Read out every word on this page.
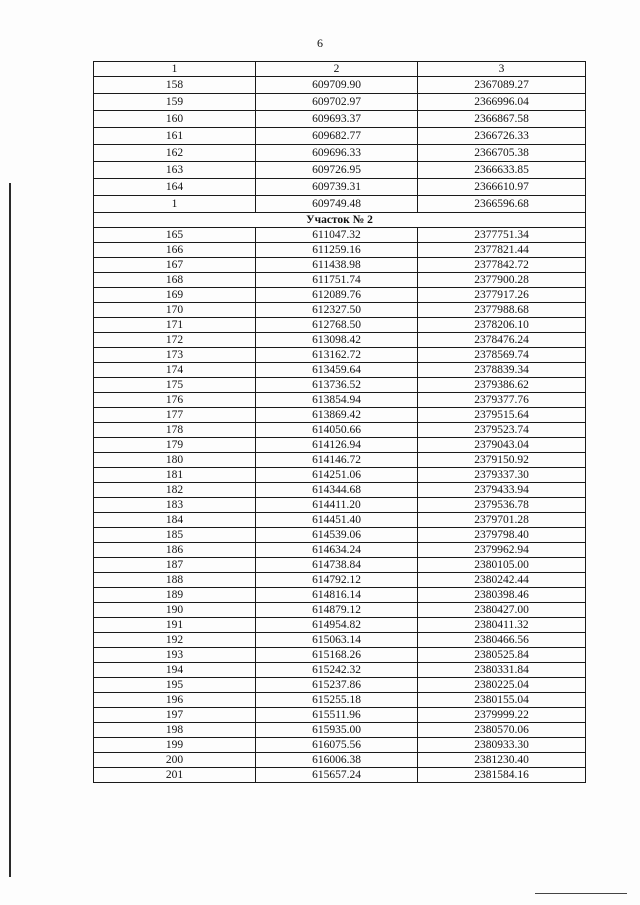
6
1	2	3
158	609709.90	2367089.27
159	609702.97	2366996.04
160	609693.37	2366867.58
161	609682.77	2366726.33
162	609696.33	2366705.38
163	609726.95	2366633.85
164	609739.31	2366610.97
1	609749.48	2366596.68
Участок № 2		
165	611047.32	2377751.34
166	611259.16	2377821.44
167	611438.98	2377842.72
168	611751.74	2377900.28
169	612089.76	2377917.26
170	612327.50	2377988.68
171	612768.50	2378206.10
172	613098.42	2378476.24
173	613162.72	2378569.74
174	613459.64	2378839.34
175	613736.52	2379386.62
176	613854.94	2379377.76
177	613869.42	2379515.64
178	614050.66	2379523.74
179	614126.94	2379043.04
180	614146.72	2379150.92
181	614251.06	2379337.30
182	614344.68	2379433.94
183	614411.20	2379536.78
184	614451.40	2379701.28
185	614539.06	2379798.40
186	614634.24	2379962.94
187	614738.84	2380105.00
188	614792.12	2380242.44
189	614816.14	2380398.46
190	614879.12	2380427.00
191	614954.82	2380411.32
192	615063.14	2380466.56
193	615168.26	2380525.84
194	615242.32	2380331.84
195	615237.86	2380225.04
196	615255.18	2380155.04
197	615511.96	2379999.22
198	615935.00	2380570.06
199	616075.56	2380933.30
200	616006.38	2381230.40
201	615657.24	2381584.16
